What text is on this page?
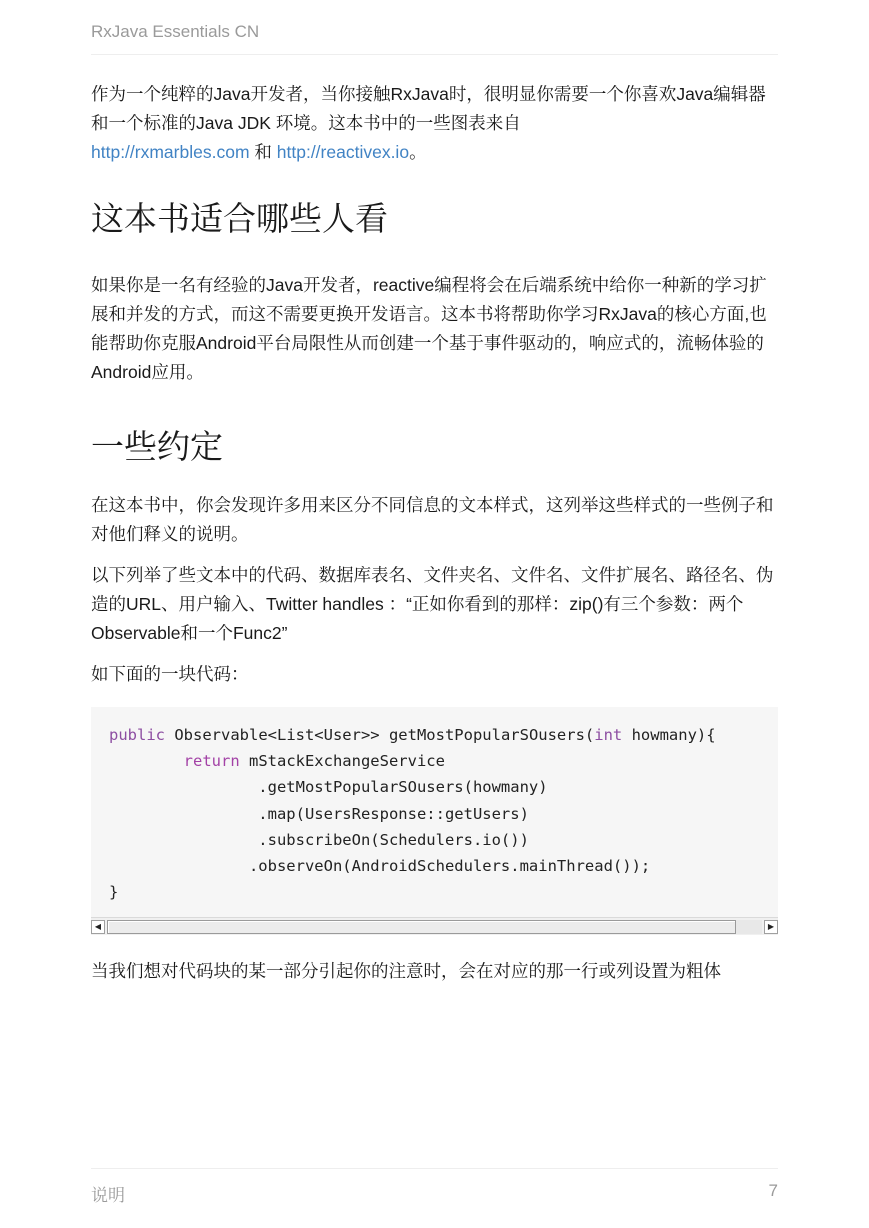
RxJava Essentials CN

作为一个纯粹的Java开发者，当你接触RxJava时，很明显你需要一个你喜欢Java编辑器和一个标准的Java JDK 环境。这本书中的一些图表来自
http://rxmarbles.com 和 http://reactivex.io。

这本书适合哪些人看

如果你是一名有经验的Java开发者，reactive编程将会在后端系统中给你一种新的学习扩展和并发的方式，而这不需要更换开发语言。这本书将帮助你学习RxJava的核心方面,也能帮助你克服Android平台局限性从而创建一个基于事件驱动的，响应式的，流畅体验的Android应用。

一些约定

在这本书中，你会发现许多用来区分不同信息的文本样式，这列举这些样式的一些例子和对他们释义的说明。

以下列举了些文本中的代码、数据库表名、文件夹名、文件名、文件扩展名、路径名、伪造的URL、用户输入、Twitter handles ：“正如你看到的那样：zip()有三个参数：两个Observable和一个Func2”

如下面的一块代码：

public Observable<List<User>> getMostPopularSOusers(int howmany){
return mStackExchangeService
.getMostPopularSOusers(howmany)
.map(UsersResponse::getUsers)
.subscribeOn(Schedulers.io())
.observeOn(AndroidSchedulers.mainThread());
}
◀	▶

当我们想对代码块的某一部分引起你的注意时，会在对应的那一行或列设置为粗体

说明	7
